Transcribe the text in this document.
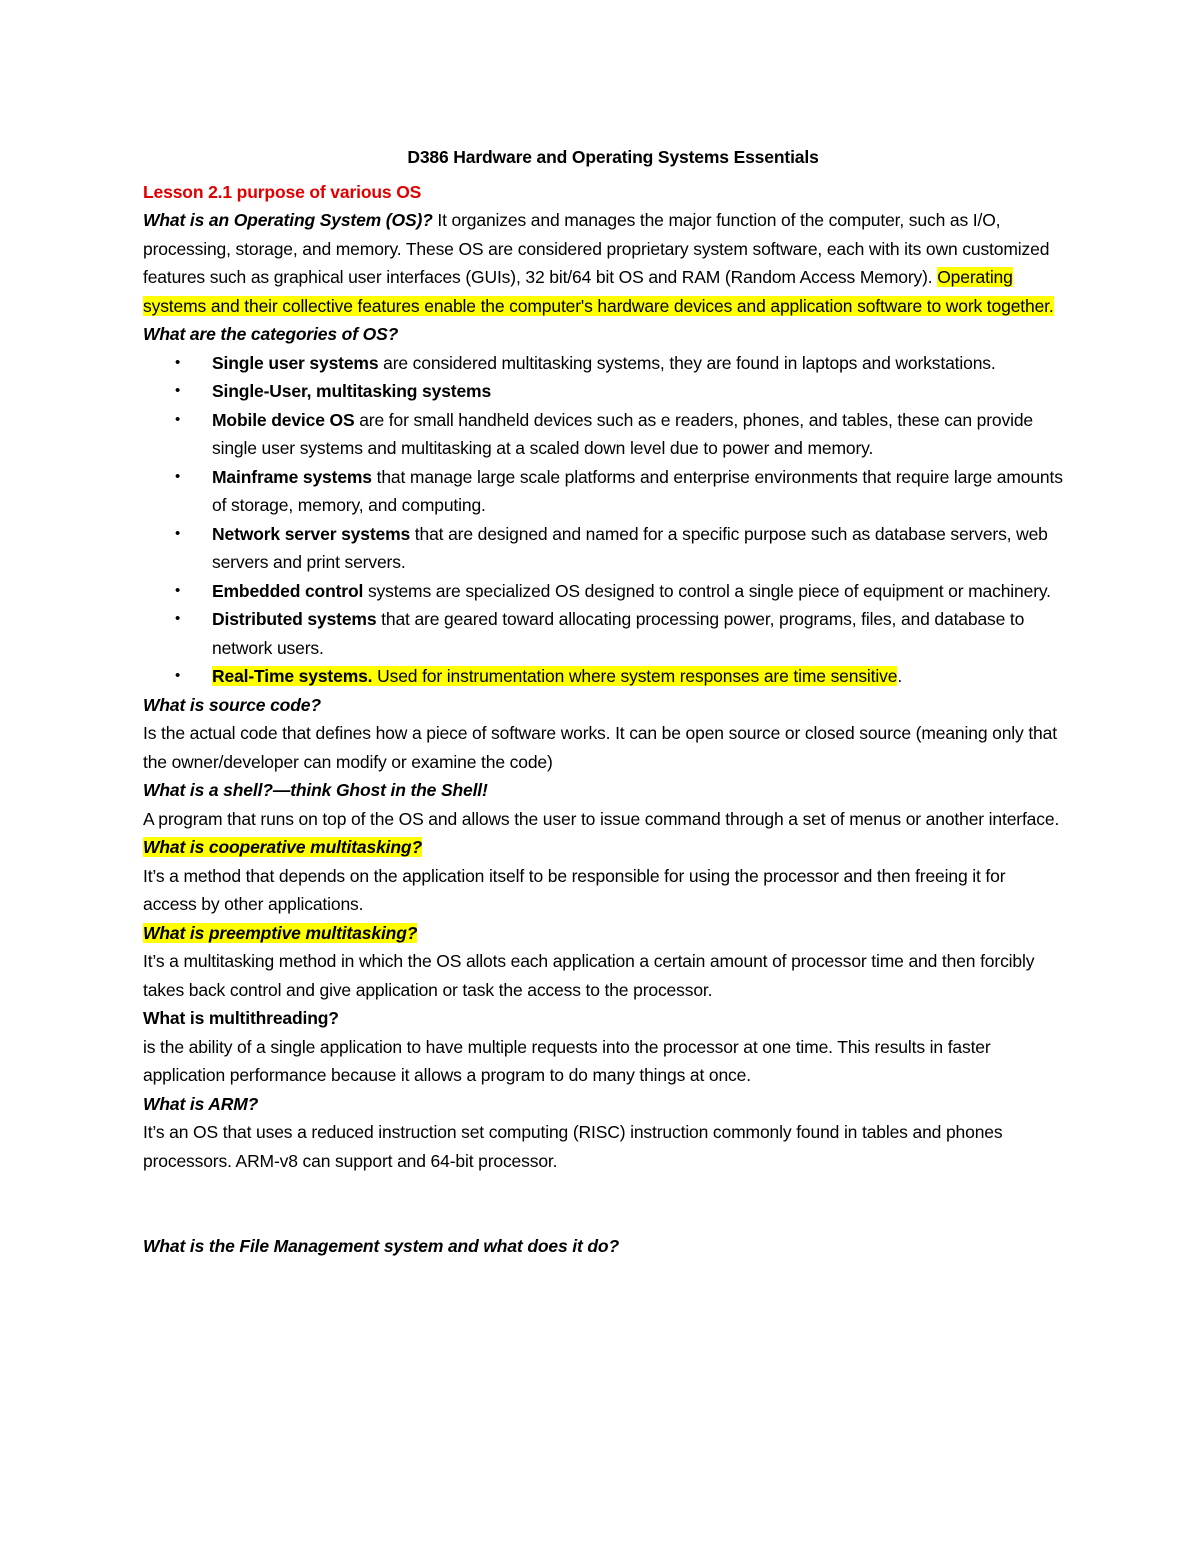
D386 Hardware and Operating Systems Essentials

Lesson 2.1 purpose of various OS

What is an Operating System (OS)? It organizes and manages the major function of the computer, such as I/O, processing, storage, and memory. These OS are considered proprietary system software, each with its own customized features such as graphical user interfaces (GUIs), 32 bit/64 bit OS and RAM (Random Access Memory). Operating systems and their collective features enable the computer's hardware devices and application software to work together.

What are the categories of OS?

• Single user systems are considered multitasking systems, they are found in laptops and workstations.
• Single-User, multitasking systems
• Mobile device OS are for small handheld devices such as e readers, phones, and tables, these can provide single user systems and multitasking at a scaled down level due to power and memory.
• Mainframe systems that manage large scale platforms and enterprise environments that require large amounts of storage, memory, and computing.
• Network server systems that are designed and named for a specific purpose such as database servers, web servers and print servers.
• Embedded control systems are specialized OS designed to control a single piece of equipment or machinery.
• Distributed systems that are geared toward allocating processing power, programs, files, and database to network users.
• Real-Time systems. Used for instrumentation where system responses are time sensitive.

What is source code?

Is the actual code that defines how a piece of software works. It can be open source or closed source (meaning only that the owner/developer can modify or examine the code)

What is a shell?—think Ghost in the Shell!

A program that runs on top of the OS and allows the user to issue command through a set of menus or another interface.

What is cooperative multitasking?

It’s a method that depends on the application itself to be responsible for using the processor and then freeing it for access by other applications.

What is preemptive multitasking?

It’s a multitasking method in which the OS allots each application a certain amount of processor time and then forcibly takes back control and give application or task the access to the processor.

What is multithreading?

is the ability of a single application to have multiple requests into the processor at one time. This results in faster application performance because it allows a program to do many things at once.

What is ARM?

It’s an OS that uses a reduced instruction set computing (RISC) instruction commonly found in tables and phones processors. ARM-v8 can support and 64-bit processor.

What is the File Management system and what does it do?
